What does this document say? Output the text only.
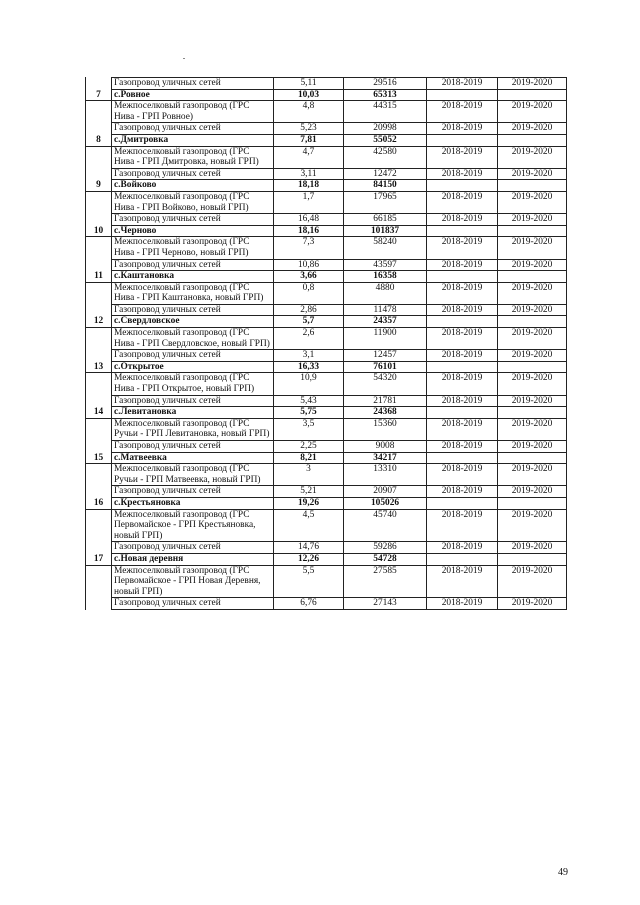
	Газопровод уличных сетей	5,11	29516	2018-2019	2019-2020
7	с.Ровное	10,03	65313		
	Межпоселковый газопровод (ГРС Нива - ГРП Ровное)	4,8	44315	2018-2019	2019-2020
	Газопровод уличных сетей	5,23	20998	2018-2019	2019-2020
8	с.Дмитровка	7,81	55052		
	Межпоселковый газопровод (ГРС Нива - ГРП Дмитровка, новый ГРП)	4,7	42580	2018-2019	2019-2020
	Газопровод уличных сетей	3,11	12472	2018-2019	2019-2020
9	с.Войково	18,18	84150		
	Межпоселковый газопровод (ГРС Нива - ГРП Войково, новый ГРП)	1,7	17965	2018-2019	2019-2020
	Газопровод уличных сетей	16,48	66185	2018-2019	2019-2020
10	с.Черново	18,16	101837		
	Межпоселковый газопровод (ГРС Нива - ГРП Черново, новый ГРП)	7,3	58240	2018-2019	2019-2020
	Газопровод уличных сетей	10,86	43597	2018-2019	2019-2020
11	с.Каштановка	3,66	16358		
	Межпоселковый газопровод (ГРС Нива - ГРП Каштановка, новый ГРП)	0,8	4880	2018-2019	2019-2020
	Газопровод уличных сетей	2,86	11478	2018-2019	2019-2020
12	с.Свердловское	5,7	24357		
	Межпоселковый газопровод (ГРС Нива - ГРП Свердловское, новый ГРП)	2,6	11900	2018-2019	2019-2020
	Газопровод уличных сетей	3,1	12457	2018-2019	2019-2020
13	с.Открытое	16,33	76101		
	Межпоселковый газопровод (ГРС Нива - ГРП Открытое, новый ГРП)	10,9	54320	2018-2019	2019-2020
	Газопровод уличных сетей	5,43	21781	2018-2019	2019-2020
14	с.Левитановка	5,75	24368		
	Межпоселковый газопровод (ГРС Ручьи - ГРП Левитановка, новый ГРП)	3,5	15360	2018-2019	2019-2020
	Газопровод уличных сетей	2,25	9008	2018-2019	2019-2020
15	с.Матвеевка	8,21	34217		
	Межпоселковый газопровод (ГРС Ручьи - ГРП Матвеевка, новый ГРП)	3	13310	2018-2019	2019-2020
	Газопровод уличных сетей	5,21	20907	2018-2019	2019-2020
16	с.Крестьяновка	19,26	105026		
	Межпоселковый газопровод (ГРС Первомайское - ГРП Крестьяновка, новый ГРП)	4,5	45740	2018-2019	2019-2020
	Газопровод уличных сетей	14,76	59286	2018-2019	2019-2020
17	с.Новая деревня	12,26	54728		
	Межпоселковый газопровод (ГРС Первомайское - ГРП Новая Деревня, новый ГРП)	5,5	27585	2018-2019	2019-2020
	Газопровод уличных сетей	6,76	27143	2018-2019	2019-2020
49
